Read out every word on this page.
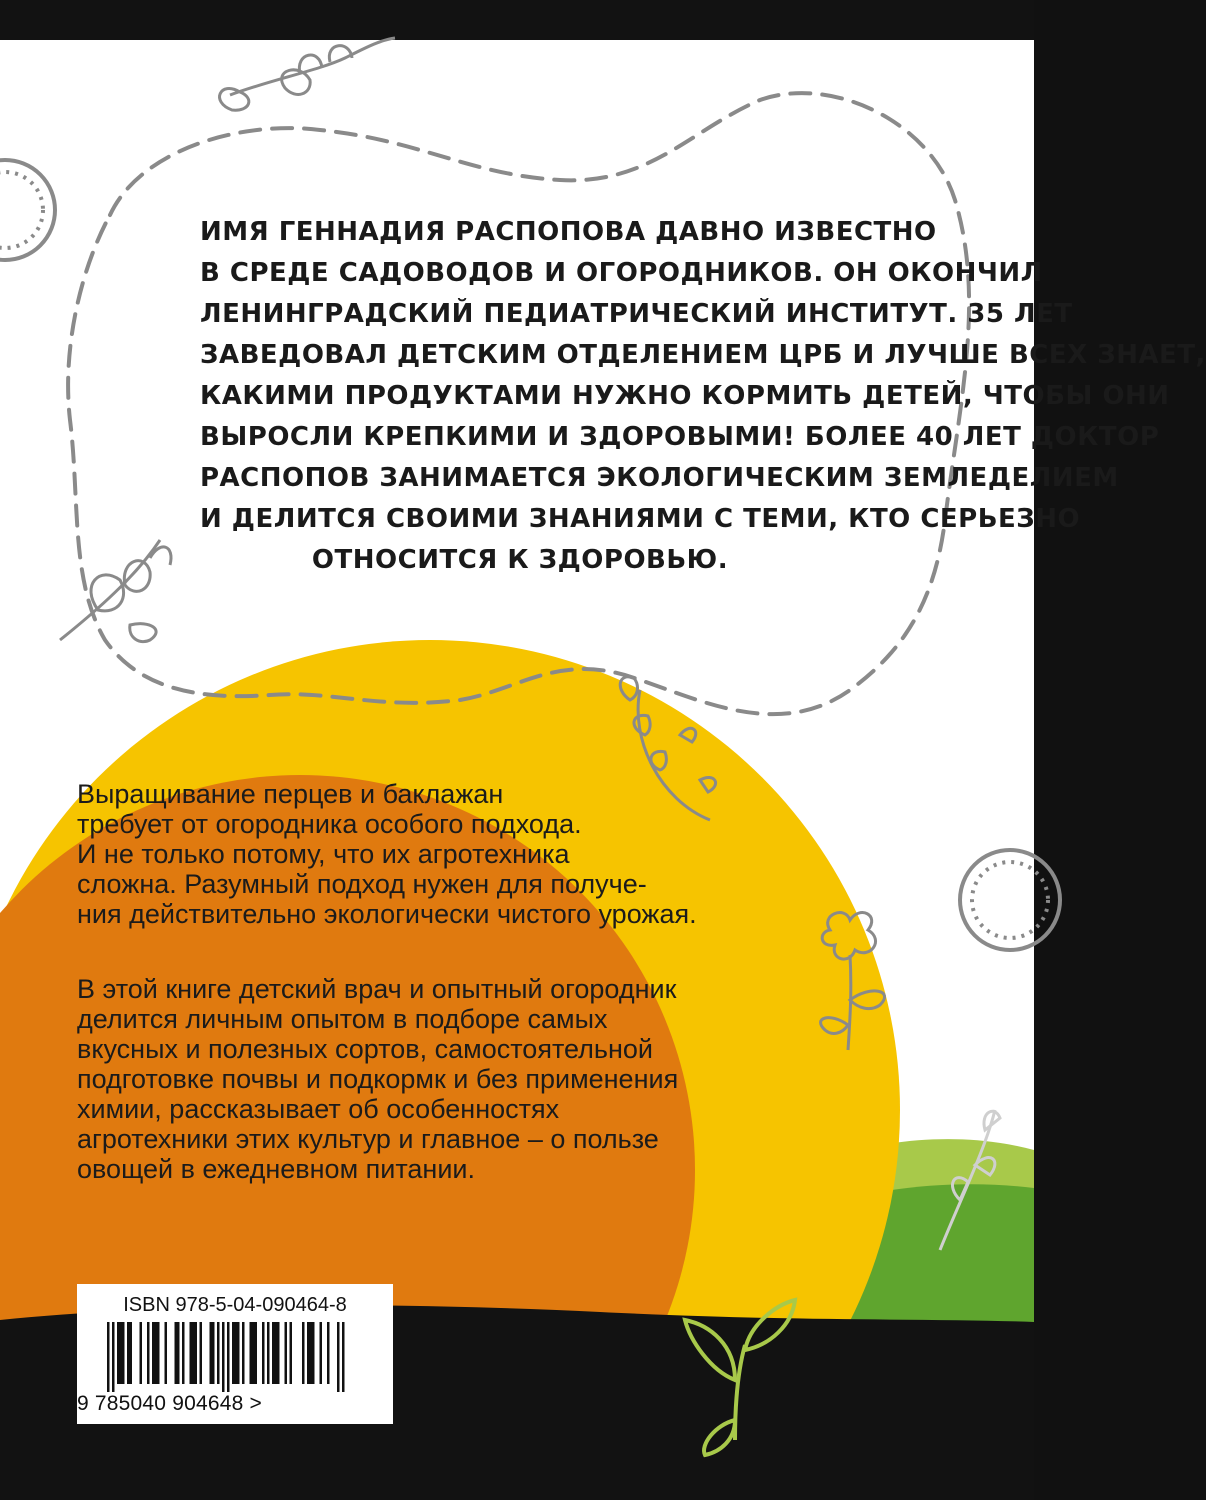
ИМЯ ГЕННАДИЯ РАСПОПОВА ДАВНО ИЗВЕСТНО
В СРЕДЕ САДОВОДОВ И ОГОРОДНИКОВ. ОН ОКОНЧИЛ
ЛЕНИНГРАДСКИЙ ПЕДИАТРИЧЕСКИЙ ИНСТИТУТ. 35 ЛЕТ
ЗАВЕДОВАЛ ДЕТСКИМ ОТДЕЛЕНИЕМ ЦРБ И ЛУЧШЕ ВСЕХ ЗНАЕТ,
КАКИМИ ПРОДУКТАМИ НУЖНО КОРМИТЬ ДЕТЕЙ, ЧТОБЫ ОНИ
ВЫРОСЛИ КРЕПКИМИ И ЗДОРОВЫМИ! БОЛЕЕ 40 ЛЕТ ДОКТОР
РАСПОПОВ ЗАНИМАЕТСЯ ЭКОЛОГИЧЕСКИМ ЗЕМЛЕДЕЛИЕМ
И ДЕЛИТСЯ СВОИМИ ЗНАНИЯМИ С ТЕМИ, КТО СЕРЬЕЗНО
ОТНОСИТСЯ К ЗДОРОВЬЮ.
Выращивание перцев и баклажан
требует от огородника особого подхода.
И не только потому, что их агротехника
сложна. Разумный подход нужен для получе-
ния действительно экологически чистого урожая.
В этой книге детский врач и опытный огородник
делится личным опытом в подборе самых
вкусных и полезных сортов, самостоятельной
подготовке почвы и подкормк и без применения
химии, рассказывает об особенностях
агротехники этих культур и главное – о пользе
овощей в ежедневном питании.
ISBN 978-5-04-090464-8
9 785040 904648 >
